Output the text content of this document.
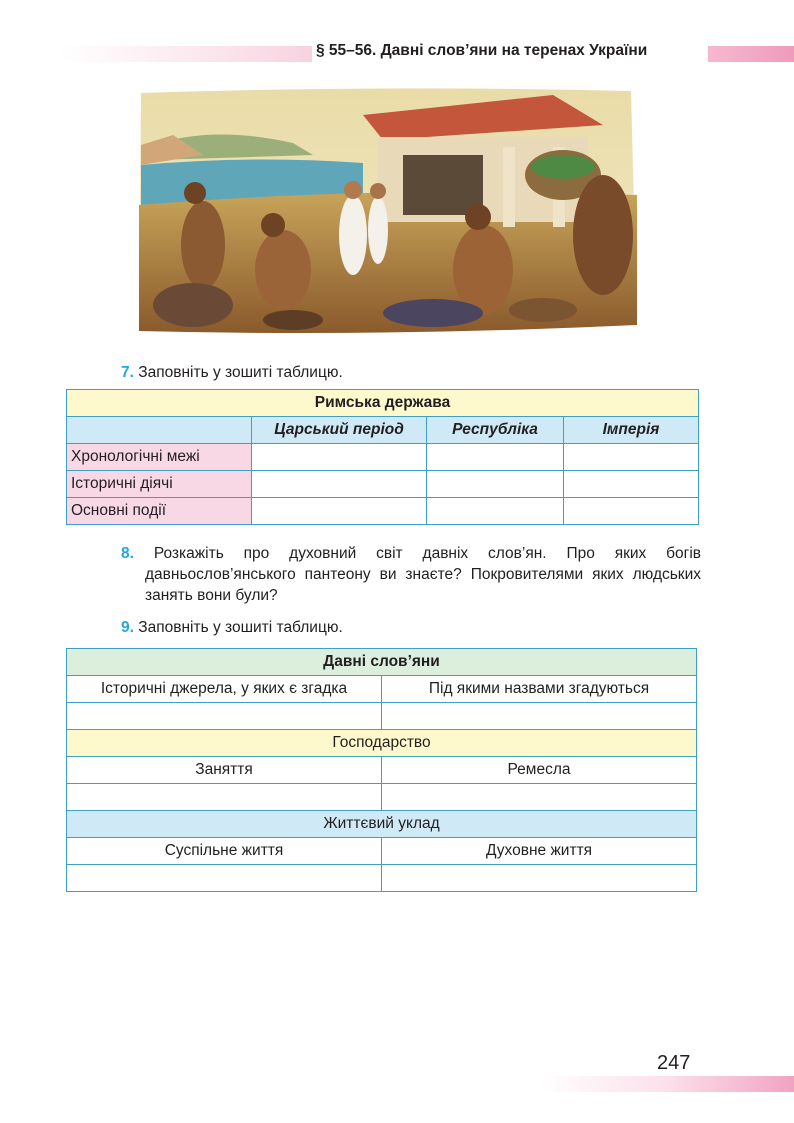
§ 55–56. Давні слов’яни на теренах України
7. Заповніть у зошиті таблицю.
Римська держава			
	Царський період	Республіка	Імперія
Хронологічні межі			
Історичні діячі			
Основні події			
8. Розкажіть про духовний світ давніх слов’ян. Про яких богів давньослов’янського пантеону ви знаєте? Покровителями яких людських занять вони були?
9. Заповніть у зошиті таблицю.
Давні слов’яни	
Історичні джерела, у яких є згадка	Під якими назвами згадуються

Господарство	
Заняття	Ремесла

Життєвий уклад	
Суспільне життя	Духовне життя

247
